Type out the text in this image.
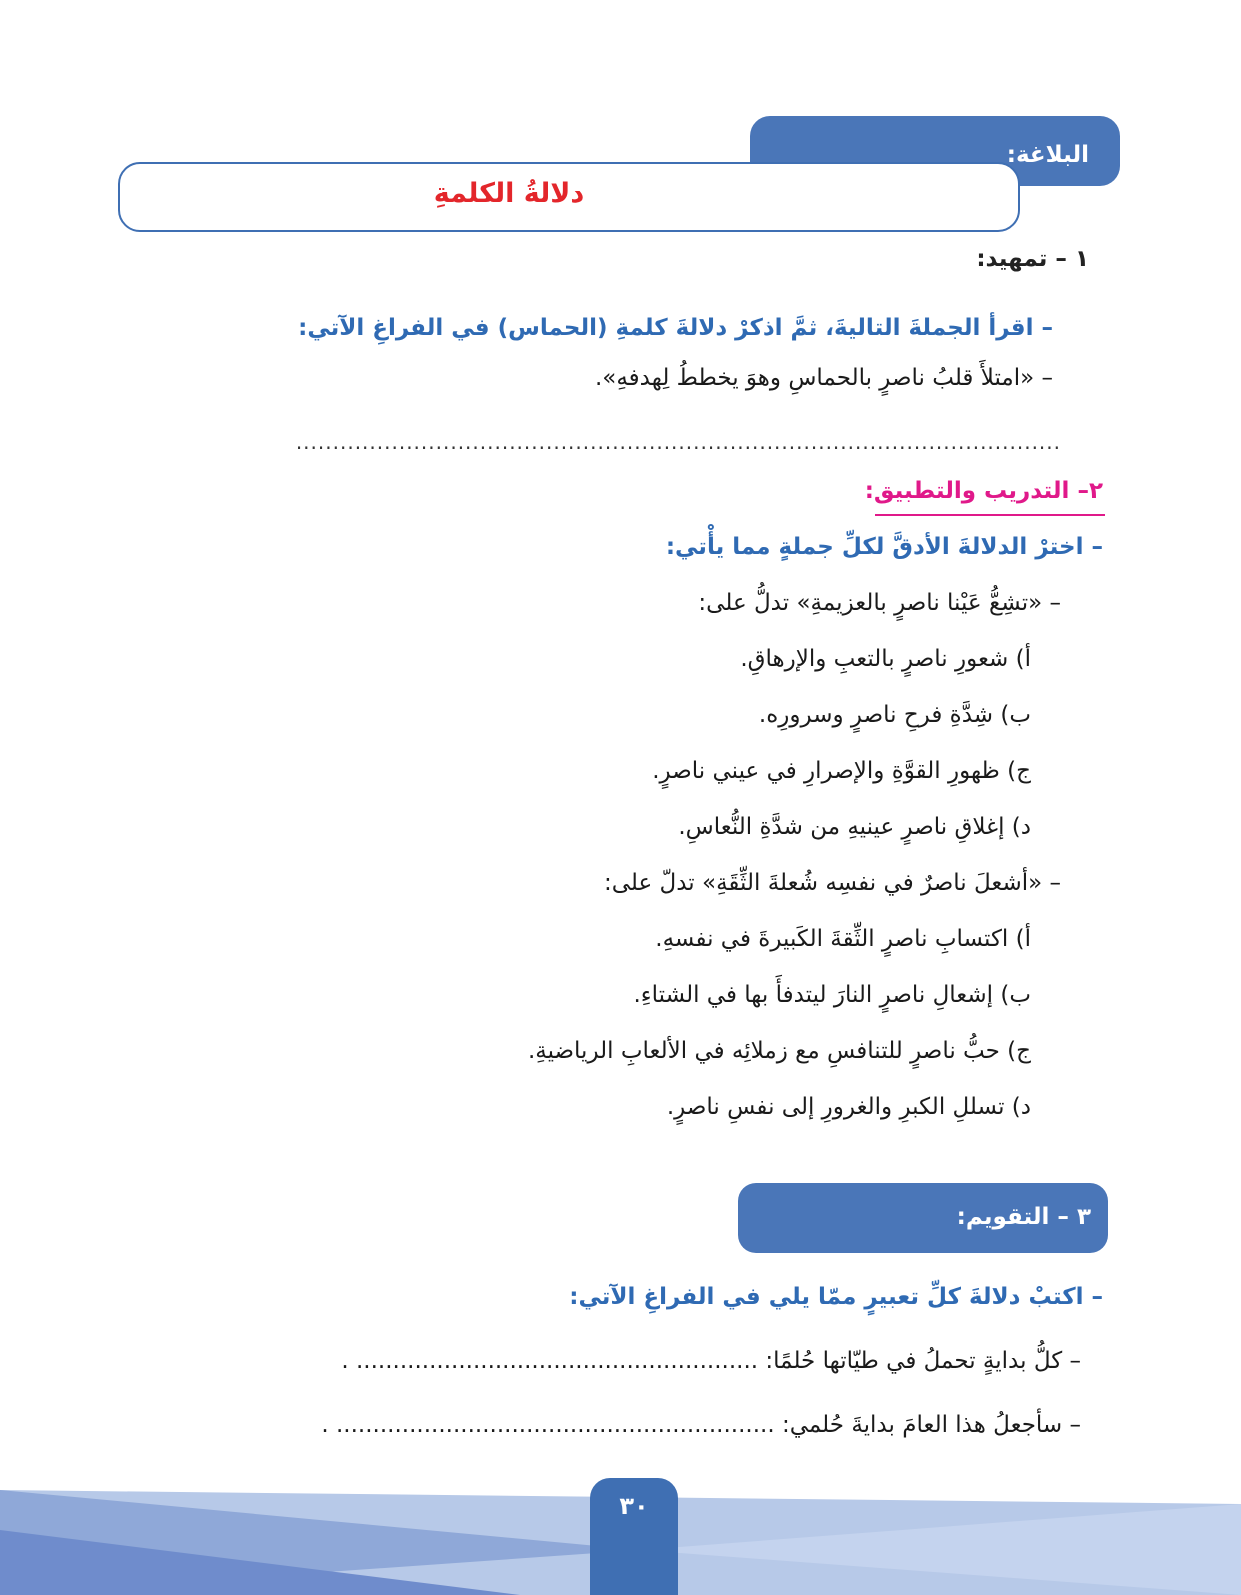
البلاغة:
دلالةُ الكلمةِ
١ – تمهيد:
– اقرأ الجملةَ التاليةَ، ثمَّ اذكرْ دلالةَ كلمةِ (الحماس) في الفراغِ الآتي:
– «امتلأَ قلبُ ناصرٍ بالحماسِ وهوَ يخططُ لِهدفهِ».
........................................................................................................
٢– التدريب والتطبيق:
– اخترْ الدلالةَ الأدقَّ لكلِّ جملةٍ مما يأْتي:
– «تشِعُّ عَيْنا ناصرٍ بالعزيمةِ» تدلُّ على:
أ) شعورِ ناصرٍ بالتعبِ والإرهاقِ.
ب) شِدَّةِ فرحِ ناصرٍ وسرورِه.
ج) ظهورِ القوَّةِ والإصرارِ في عيني ناصرٍ.
د) إغلاقِ ناصرٍ عينيهِ من شدَّةِ النُّعاسِ.
– «أشعلَ ناصرٌ في نفسِه شُعلةَ الثِّقَةِ» تدلّ على:
أ) اكتسابِ ناصرٍ الثِّقةَ الكَبيرةَ في نفسهِ.
ب) إشعالِ ناصرٍ النارَ ليتدفأَ بها في الشتاءِ.
ج) حبُّ ناصرٍ للتنافسِ مع زملائِه في الألعابِ الرياضيةِ.
د) تسللِ الكبرِ والغرورِ إلى نفسِ ناصرٍ.
٣ – التقويم:
– اكتبْ دلالةَ كلِّ تعبيرٍ ممّا يلي في الفراغِ الآتي:
– كلُّ بدايةٍ تحملُ في طيّاتها حُلمًا: ....................................................... .
– سأجعلُ هذا العامَ بدايةَ حُلمي: ............................................................ .
٣٠
